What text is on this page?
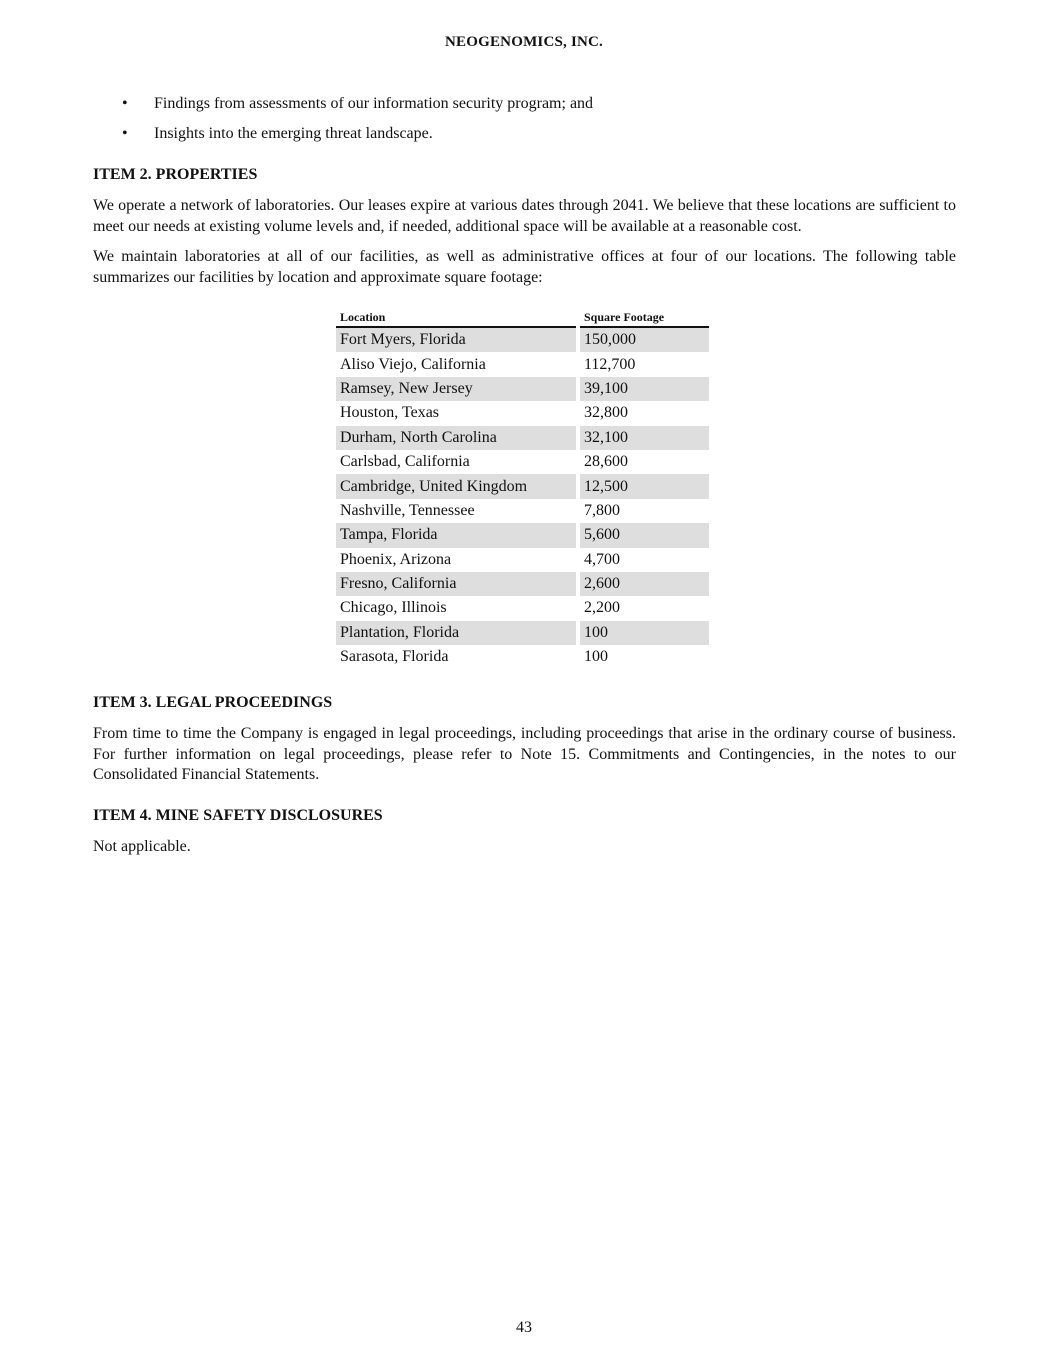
NEOGENOMICS, INC.
• Findings from assessments of our information security program; and
• Insights into the emerging threat landscape.
ITEM 2. PROPERTIES

We operate a network of laboratories. Our leases expire at various dates through 2041. We believe that these locations are sufficient to meet our needs at existing volume levels and, if needed, additional space will be available at a reasonable cost.

We maintain laboratories at all of our facilities, as well as administrative offices at four of our locations. The following table summarizes our facilities by location and approximate square footage:

Location		Square Footage
Fort Myers, Florida		150,000
Aliso Viejo, California		112,700
Ramsey, New Jersey		39,100
Houston, Texas		32,800
Durham, North Carolina		32,100
Carlsbad, California		28,600
Cambridge, United Kingdom		12,500
Nashville, Tennessee		7,800
Tampa, Florida		5,600
Phoenix, Arizona		4,700
Fresno, California		2,600
Chicago, Illinois		2,200
Plantation, Florida		100
Sarasota, Florida		100
ITEM 3. LEGAL PROCEEDINGS

From time to time the Company is engaged in legal proceedings, including proceedings that arise in the ordinary course of business. For further information on legal proceedings, please refer to Note 15. Commitments and Contingencies, in the notes to our Consolidated Financial Statements.

ITEM 4. MINE SAFETY DISCLOSURES

Not applicable.

43
